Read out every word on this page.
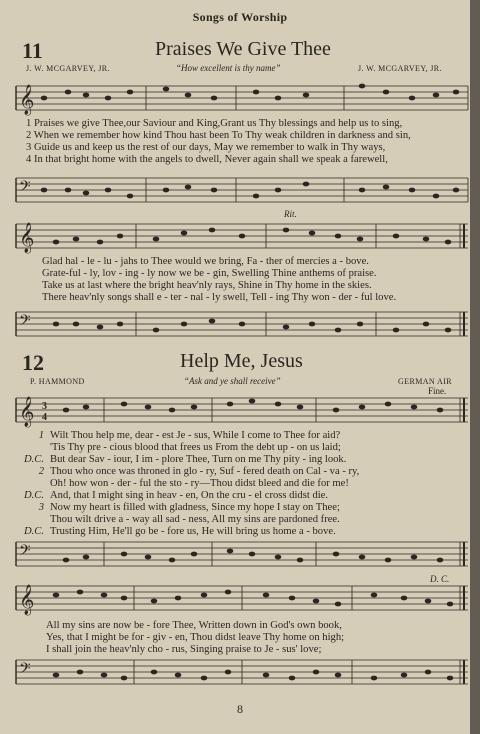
Songs of Worship
11	Praises We Give Thee
J. W. MCGARVEY, JR.	“How excellent is thy name”	J. W. MCGARVEY, JR.
𝄞
1 Praises we give Thee,our Saviour and King,Grant us Thy blessings and help us to sing,
2 When we remember how kind Thou hast been To Thy weak children in darkness and sin,
3 Guide us and keep us the rest of our days, May we remember to walk in Thy ways,
4 In that bright home with the angels to dwell, Never again shall we speak a farewell,
𝄢
Rit.
𝄞
Glad hal - le - lu - jahs to Thee would we bring, Fa - ther of mercies a - bove.
Grate-ful - ly, lov - ing - ly now we be - gin, Swelling Thine anthems of praise.
Take us at last where the bright heav'nly rays, Shine in Thy home in the skies.
There heav'nly songs shall e - ter - nal - ly swell, Tell - ing Thy won - der - ful love.
𝄢
12	Help Me, Jesus
P. HAMMOND	“Ask and ye shall receive”	GERMAN AIR
Fine.
𝄞 3
4
1 Wilt Thou help me, dear - est Je - sus, While I come to Thee for aid?
'Tis Thy pre - cious blood that frees us From the debt up - on us laid;
D.C. But dear Sav - iour, I im - plore Thee, Turn on me Thy pity - ing look.
2 Thou who once was throned in glo - ry, Suf - fered death on Cal - va - ry,
Oh! how won - der - ful the sto - ry—Thou didst bleed and die for me!
D.C. And, that I might sing in heav - en, On the cru - el cross didst die.
3 Now my heart is filled with gladness, Since my hope I stay on Thee;
Thou wilt drive a - way all sad - ness, All my sins are pardoned free.
D.C. Trusting Him, He'll go be - fore us, He will bring us home a - bove.
𝄢
D. C.
𝄞
All my sins are now be - fore Thee, Written down in God's own book,
Yes, that I might be for - giv - en, Thou didst leave Thy home on high;
I shall join the heav'nly cho - rus, Singing praise to Je - sus' love;
𝄢
8
